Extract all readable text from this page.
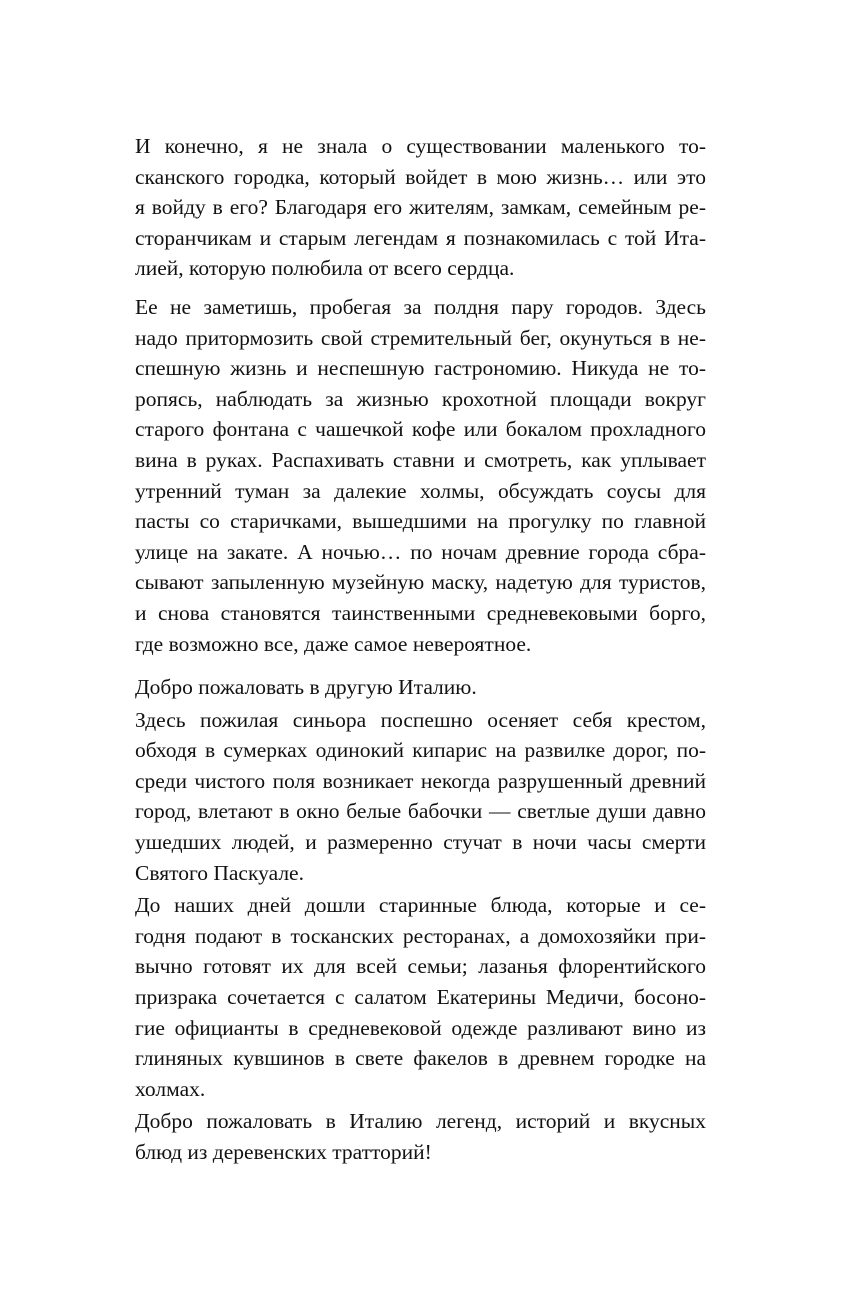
И конечно, я не знала о существовании маленького то-
сканского городка, который войдет в мою жизнь… или это
я войду в его? Благодаря его жителям, замкам, семейным ре-
сторанчикам и старым легендам я познакомилась с той Ита-
лией, которую полюбила от всего сердца.
Ее не заметишь, пробегая за полдня пару городов. Здесь
надо притормозить свой стремительный бег, окунуться в не-
спешную жизнь и неспешную гастрономию. Никуда не то-
ропясь, наблюдать за жизнью крохотной площади вокруг
старого фонтана с чашечкой кофе или бокалом прохладного
вина в руках. Распахивать ставни и смотреть, как уплывает
утренний туман за далекие холмы, обсуждать соусы для
пасты со старичками, вышедшими на прогулку по главной
улице на закате. А ночью… по ночам древние города сбра-
сывают запыленную музейную маску, надетую для туристов,
и снова становятся таинственными средневековыми борго,
где возможно все, даже самое невероятное.
Добро пожаловать в другую Италию.
Здесь пожилая синьора поспешно осеняет себя крестом,
обходя в сумерках одинокий кипарис на развилке дорог, по-
среди чистого поля возникает некогда разрушенный древний
город, влетают в окно белые бабочки — светлые души давно
ушедших людей, и размеренно стучат в ночи часы смерти
Святого Паскуале.
До наших дней дошли старинные блюда, которые и се-
годня подают в тосканских ресторанах, а домохозяйки при-
вычно готовят их для всей семьи; лазанья флорентийского
призрака сочетается с салатом Екатерины Медичи, босоно-
гие официанты в средневековой одежде разливают вино из
глиняных кувшинов в свете факелов в древнем городке на
холмах.
Добро пожаловать в Италию легенд, историй и вкусных
блюд из деревенских тратторий!
